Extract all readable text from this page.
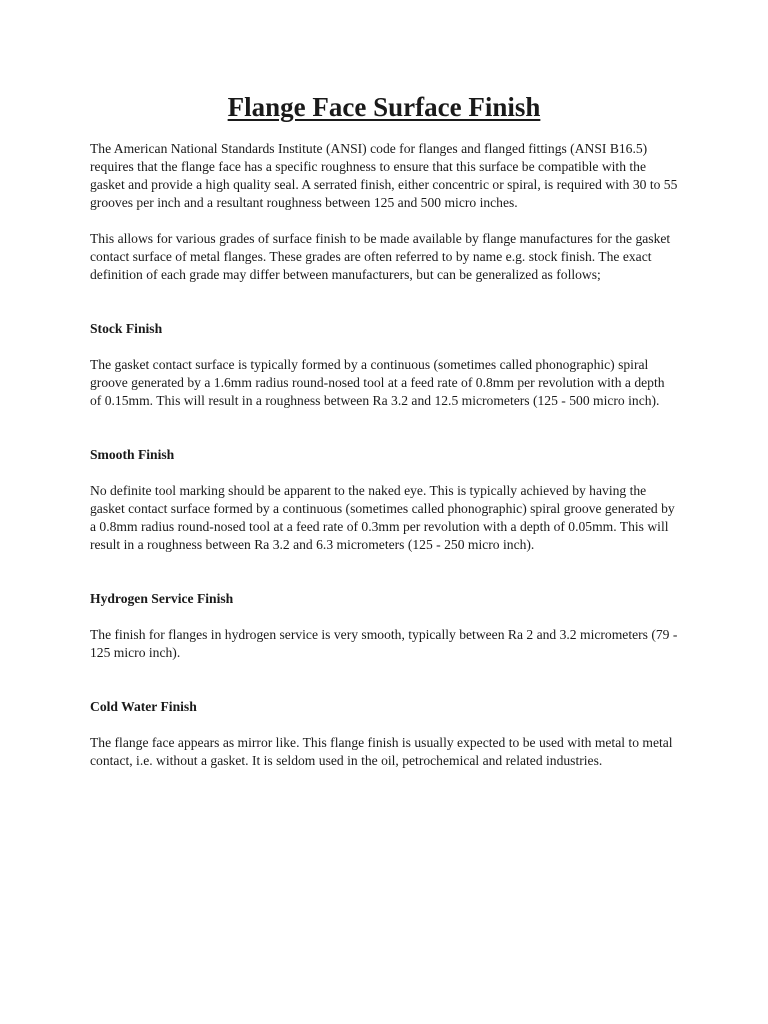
Flange Face Surface Finish

The American National Standards Institute (ANSI) code for flanges and flanged fittings (ANSI B16.5) requires that the flange face has a specific roughness to ensure that this surface be compatible with the gasket and provide a high quality seal. A serrated finish, either concentric or spiral, is required with 30 to 55 grooves per inch and a resultant roughness between 125 and 500 micro inches.

This allows for various grades of surface finish to be made available by flange manufactures for the gasket contact surface of metal flanges. These grades are often referred to by name e.g. stock finish. The exact definition of each grade may differ between manufacturers, but can be generalized as follows;

Stock Finish

The gasket contact surface is typically formed by a continuous (sometimes called phonographic) spiral groove generated by a 1.6mm radius round-nosed tool at a feed rate of 0.8mm per revolution with a depth of 0.15mm. This will result in a roughness between Ra 3.2 and 12.5 micrometers (125 - 500 micro inch).

Smooth Finish

No definite tool marking should be apparent to the naked eye. This is typically achieved by having the gasket contact surface formed by a continuous (sometimes called phonographic) spiral groove generated by a 0.8mm radius round-nosed tool at a feed rate of 0.3mm per revolution with a depth of 0.05mm. This will result in a roughness between Ra 3.2 and 6.3 micrometers (125 - 250 micro inch).

Hydrogen Service Finish

The finish for flanges in hydrogen service is very smooth, typically between Ra 2 and 3.2 micrometers (79 - 125 micro inch).

Cold Water Finish

The flange face appears as mirror like. This flange finish is usually expected to be used with metal to metal contact, i.e. without a gasket. It is seldom used in the oil, petrochemical and related industries.
